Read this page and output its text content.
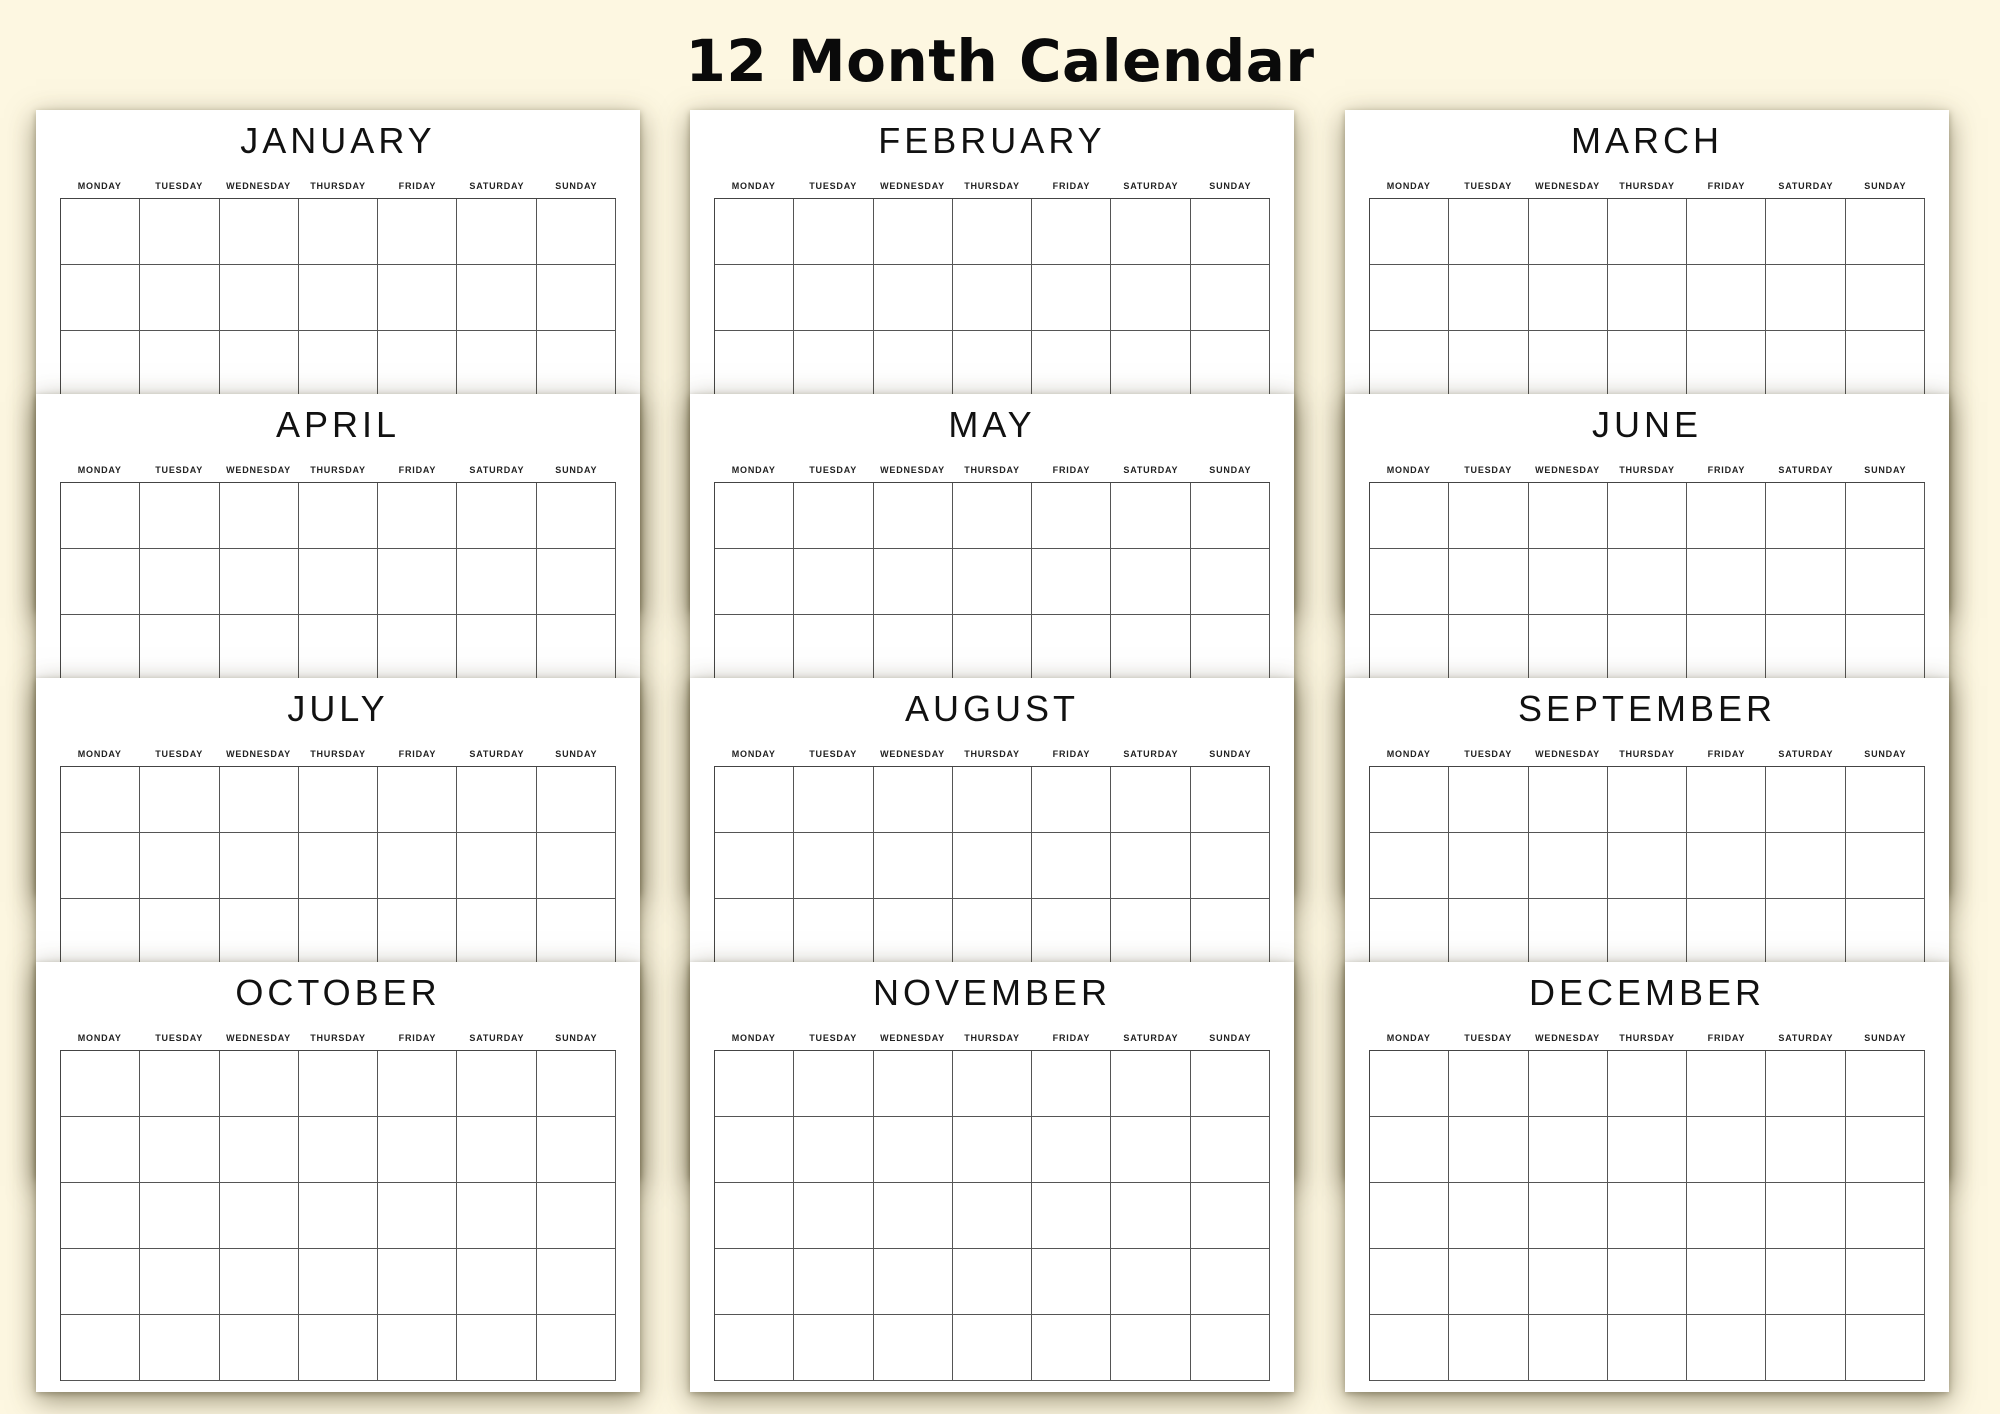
12 Month Calendar
JANUARY
MONDAY	TUESDAY	WEDNESDAY	THURSDAY	FRIDAY	SATURDAY	SUNDAY
FEBRUARY
MONDAY	TUESDAY	WEDNESDAY	THURSDAY	FRIDAY	SATURDAY	SUNDAY
MARCH
MONDAY	TUESDAY	WEDNESDAY	THURSDAY	FRIDAY	SATURDAY	SUNDAY
APRIL
MONDAY	TUESDAY	WEDNESDAY	THURSDAY	FRIDAY	SATURDAY	SUNDAY
MAY
MONDAY	TUESDAY	WEDNESDAY	THURSDAY	FRIDAY	SATURDAY	SUNDAY
JUNE
MONDAY	TUESDAY	WEDNESDAY	THURSDAY	FRIDAY	SATURDAY	SUNDAY
JULY
MONDAY	TUESDAY	WEDNESDAY	THURSDAY	FRIDAY	SATURDAY	SUNDAY
AUGUST
MONDAY	TUESDAY	WEDNESDAY	THURSDAY	FRIDAY	SATURDAY	SUNDAY
SEPTEMBER
MONDAY	TUESDAY	WEDNESDAY	THURSDAY	FRIDAY	SATURDAY	SUNDAY
OCTOBER
MONDAY	TUESDAY	WEDNESDAY	THURSDAY	FRIDAY	SATURDAY	SUNDAY
NOVEMBER
MONDAY	TUESDAY	WEDNESDAY	THURSDAY	FRIDAY	SATURDAY	SUNDAY
DECEMBER
MONDAY	TUESDAY	WEDNESDAY	THURSDAY	FRIDAY	SATURDAY	SUNDAY
